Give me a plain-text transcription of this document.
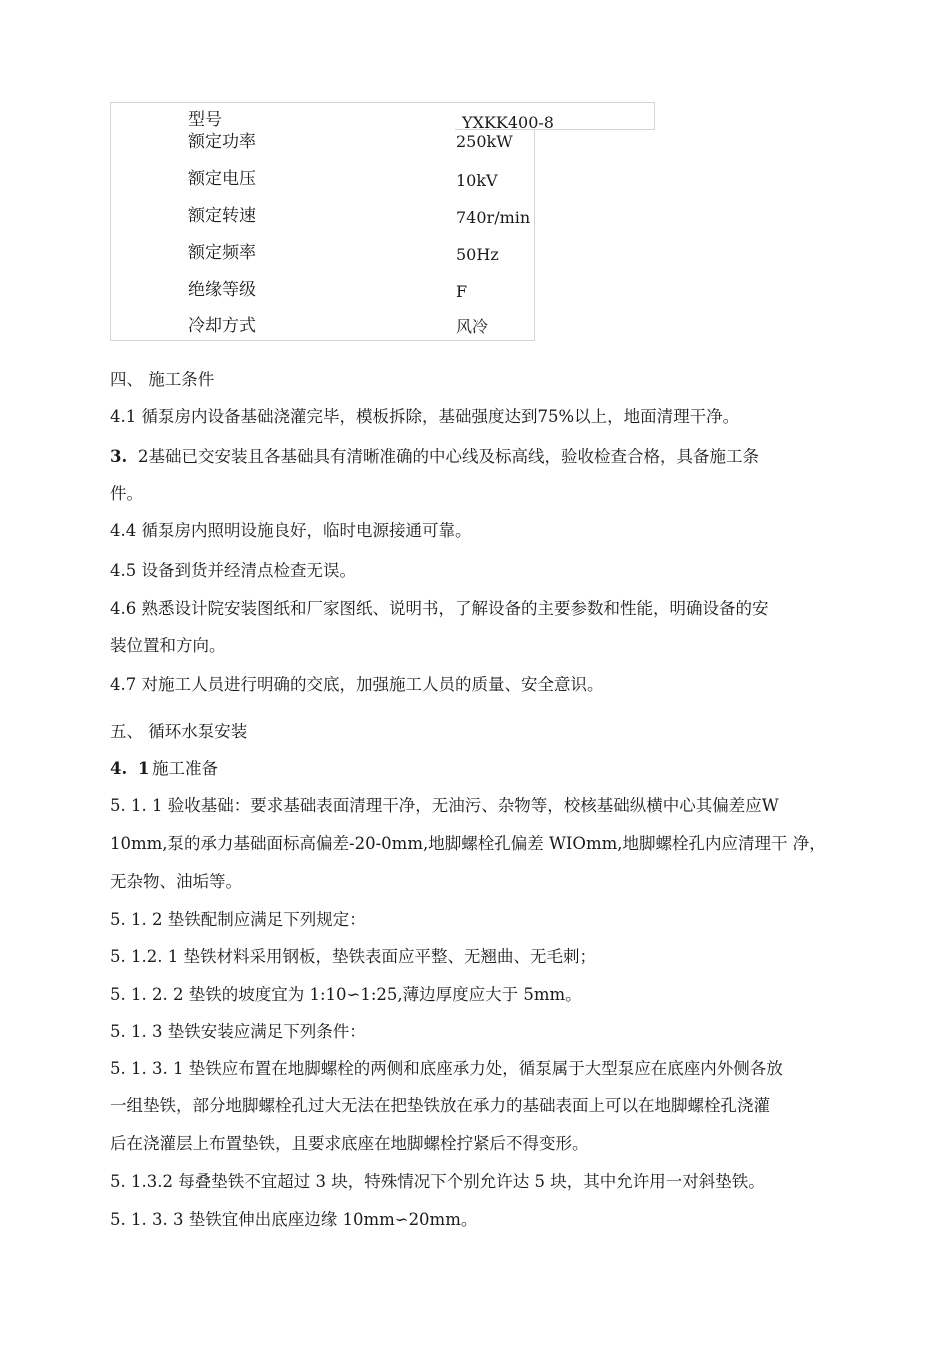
型号	YXKK400-8
额定功率	250kW
额定电压	10kV
额定转速	740r/min
额定频率	50Hz
绝缘等级	F
冷却方式	风冷
四、 施工条件
4.1 循泵房内设备基础浇灌完毕，模板拆除，基础强度达到75%以上，地面清理干净。
3. 2基础已交安装且各基础具有清晰准确的中心线及标高线，验收检查合格，具备施工条
件。
4.4 循泵房内照明设施良好，临时电源接通可靠。
4.5 设备到货并经清点检查无误。
4.6 熟悉设计院安装图纸和厂家图纸、说明书，了解设备的主要参数和性能，明确设备的安
装位置和方向。
4.7 对施工人员进行明确的交底，加强施工人员的质量、安全意识。
五、 循环水泵安装
4. 1 施工准备
5. 1. 1 验收基础：要求基础表面清理干净，无油污、杂物等，校核基础纵横中心其偏差应W
10mm,泵的承力基础面标高偏差-20-0mm,地脚螺栓孔偏差 WIOmm,地脚螺栓孔内应清理干 净，
无杂物、油垢等。
5. 1. 2 垫铁配制应满足下列规定：
5. 1.2. 1 垫铁材料采用钢板，垫铁表面应平整、无翘曲、无毛刺；
5. 1. 2. 2 垫铁的坡度宜为 1:10∽1:25,薄边厚度应大于 5mm。
5. 1. 3 垫铁安装应满足下列条件：
5. 1. 3. 1 垫铁应布置在地脚螺栓的两侧和底座承力处，循泵属于大型泵应在底座内外侧各放
一组垫铁，部分地脚螺栓孔过大无法在把垫铁放在承力的基础表面上可以在地脚螺栓孔浇灌
后在浇灌层上布置垫铁，且要求底座在地脚螺栓拧紧后不得变形。
5. 1.3.2 每叠垫铁不宜超过 3 块，特殊情况下个别允许达 5 块，其中允许用一对斜垫铁。
5. 1. 3. 3 垫铁宜伸出底座边缘 10mm∽20mm。
